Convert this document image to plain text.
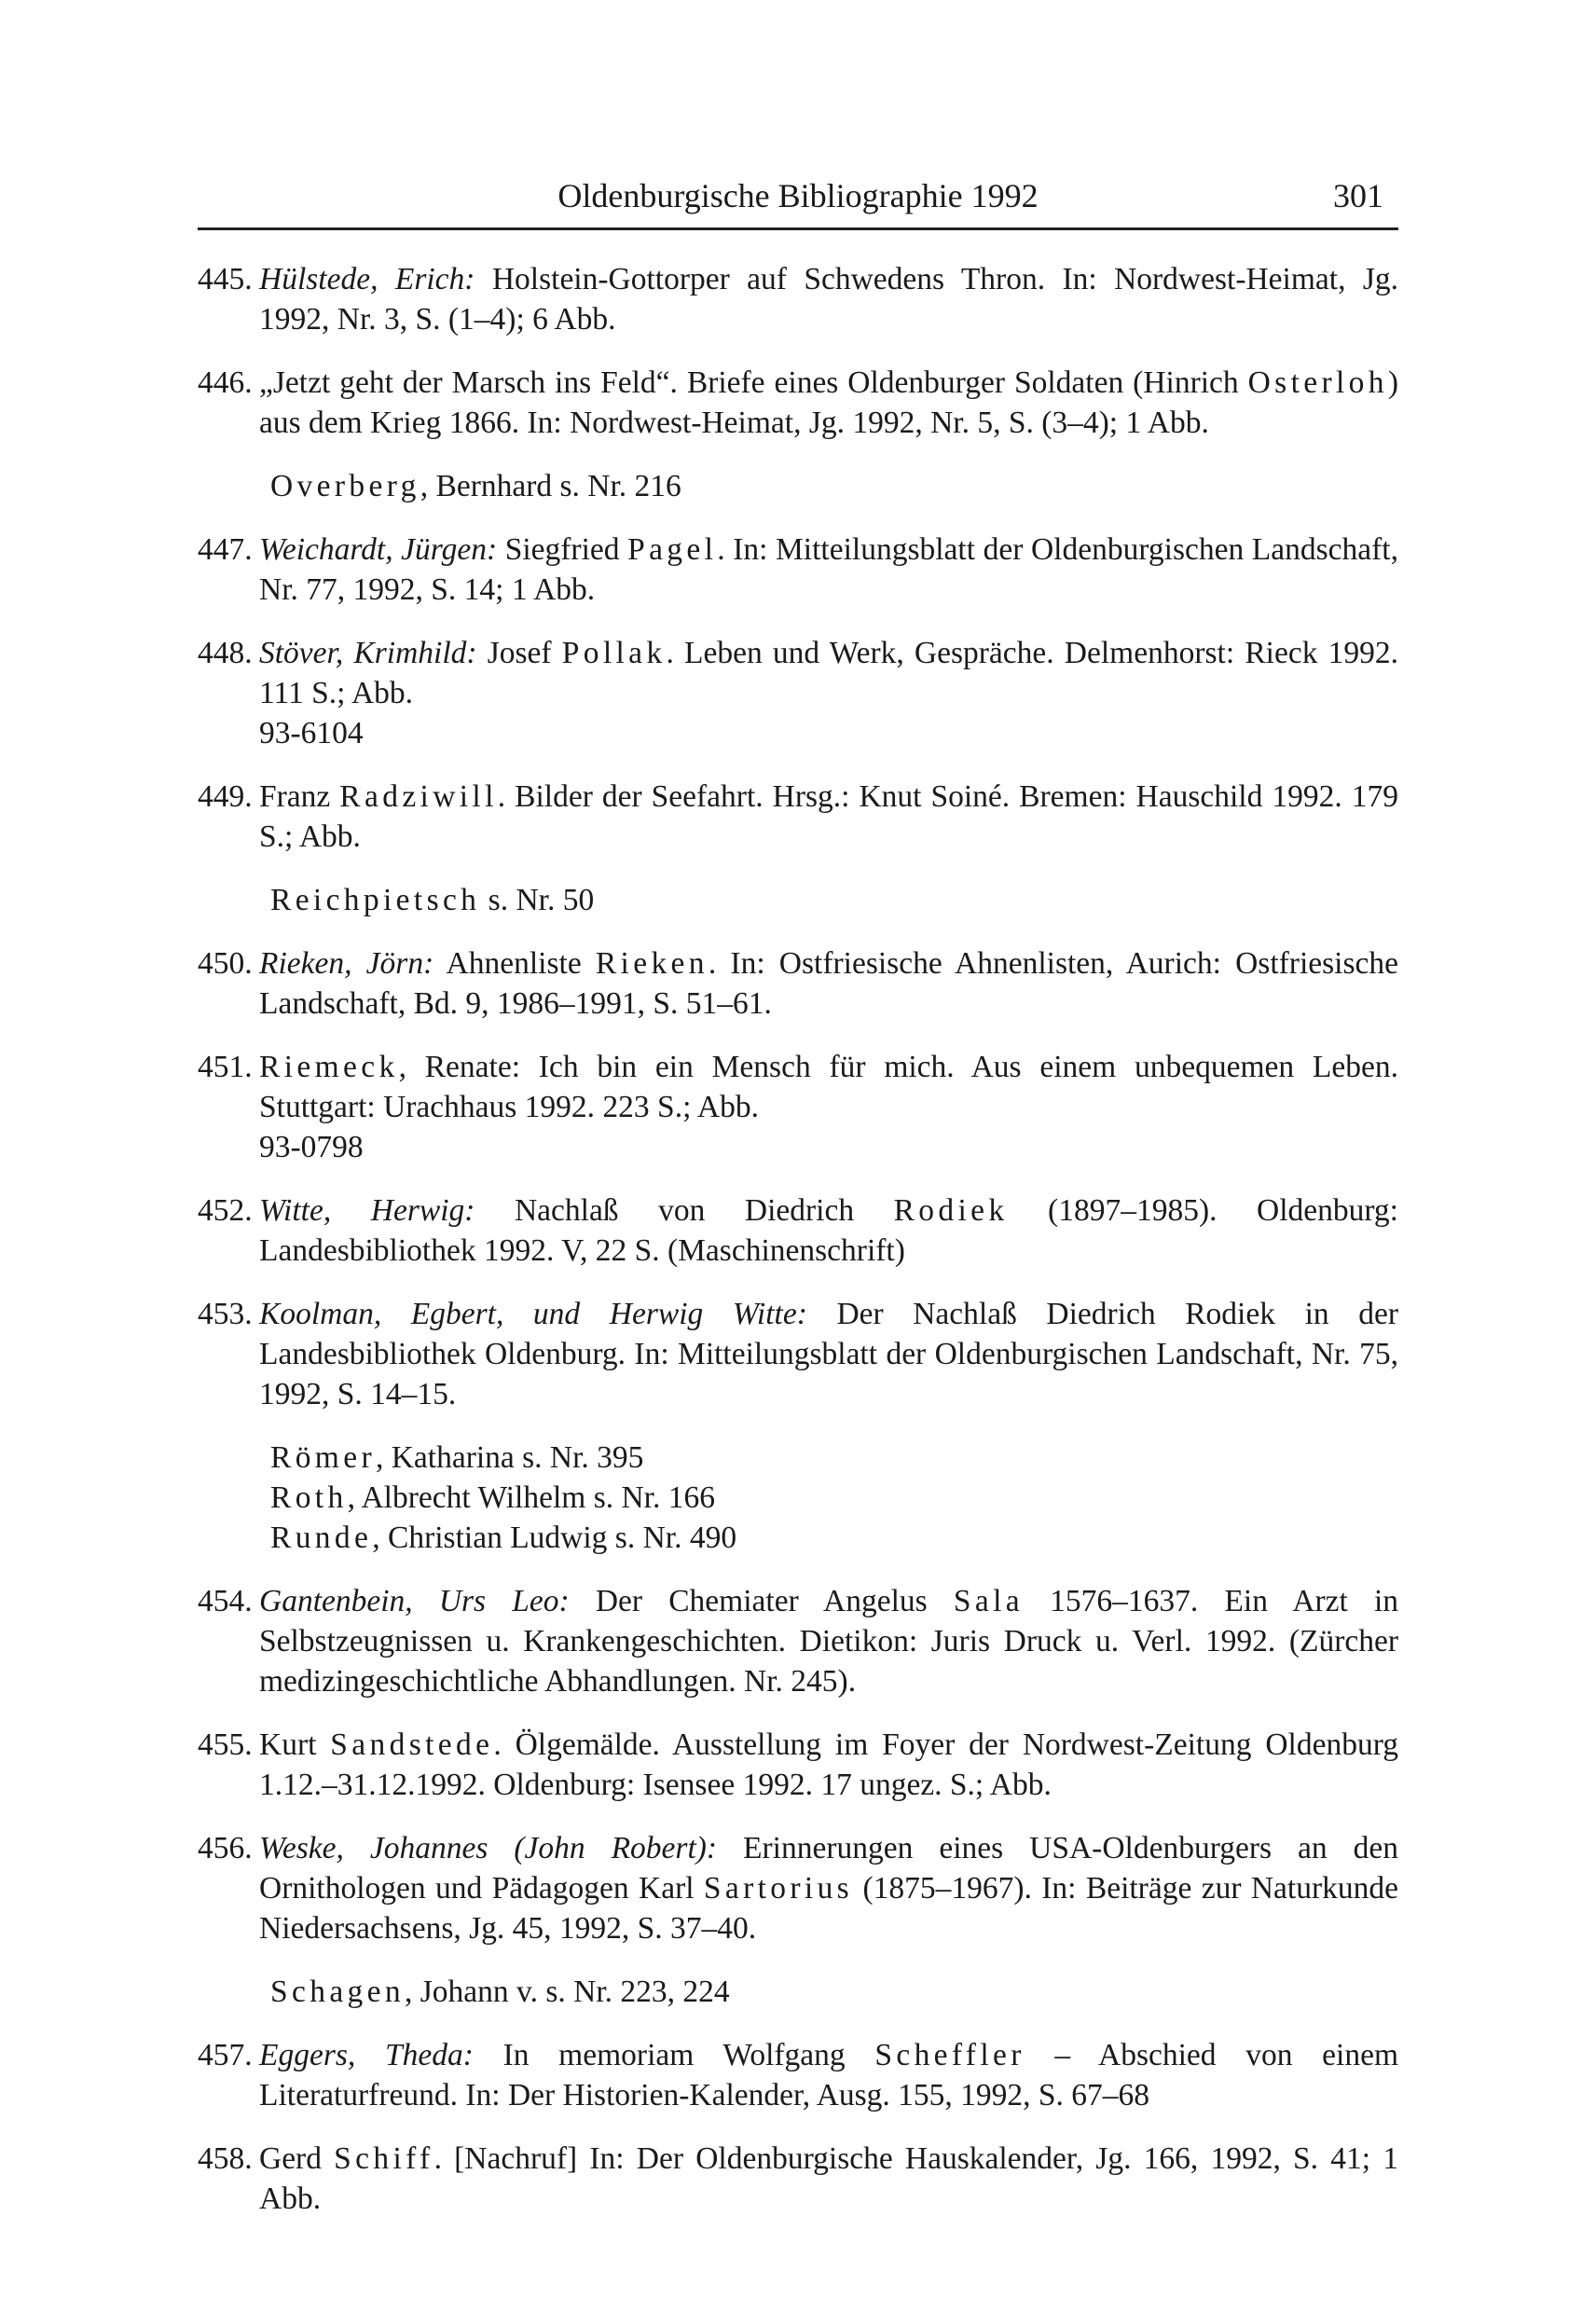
Oldenburgische Bibliographie 1992	301
445. Hülstede, Erich: Holstein-Gottorper auf Schwedens Thron. In: Nordwest-Heimat, Jg. 1992, Nr. 3, S. (1–4); 6 Abb.
446. „Jetzt geht der Marsch ins Feld“. Briefe eines Oldenburger Soldaten (Hinrich Osterloh) aus dem Krieg 1866. In: Nordwest-Heimat, Jg. 1992, Nr. 5, S. (3–4); 1 Abb.
Overberg, Bernhard s. Nr. 216
447. Weichardt, Jürgen: Siegfried Pagel. In: Mitteilungsblatt der Oldenburgischen Landschaft, Nr. 77, 1992, S. 14; 1 Abb.
448. Stöver, Krimhild: Josef Pollak. Leben und Werk, Gespräche. Delmenhorst: Rieck 1992. 111 S.; Abb.
93-6104
449. Franz Radziwill. Bilder der Seefahrt. Hrsg.: Knut Soiné. Bremen: Hauschild 1992. 179 S.; Abb.
Reichpietsch s. Nr. 50
450. Rieken, Jörn: Ahnenliste Rieken. In: Ostfriesische Ahnenlisten, Aurich: Ostfriesische Landschaft, Bd. 9, 1986–1991, S. 51–61.
451. Riemeck, Renate: Ich bin ein Mensch für mich. Aus einem unbequemen Leben. Stuttgart: Urachhaus 1992. 223 S.; Abb.
93-0798
452. Witte, Herwig: Nachlaß von Diedrich Rodiek (1897–1985). Oldenburg: Landesbibliothek 1992. V, 22 S. (Maschinenschrift)
453. Koolman, Egbert, und Herwig Witte: Der Nachlaß Diedrich Rodiek in der Landesbibliothek Oldenburg. In: Mitteilungsblatt der Oldenburgischen Landschaft, Nr. 75, 1992, S. 14–15.
Römer, Katharina s. Nr. 395
Roth, Albrecht Wilhelm s. Nr. 166
Runde, Christian Ludwig s. Nr. 490
454. Gantenbein, Urs Leo: Der Chemiater Angelus Sala 1576–1637. Ein Arzt in Selbstzeugnissen u. Krankengeschichten. Dietikon: Juris Druck u. Verl. 1992. (Zürcher medizingeschichtliche Abhandlungen. Nr. 245).
455. Kurt Sandstede. Ölgemälde. Ausstellung im Foyer der Nordwest-Zeitung Oldenburg 1.12.–31.12.1992. Oldenburg: Isensee 1992. 17 ungez. S.; Abb.
456. Weske, Johannes (John Robert): Erinnerungen eines USA-Oldenburgers an den Ornithologen und Pädagogen Karl Sartorius (1875–1967). In: Beiträge zur Naturkunde Niedersachsens, Jg. 45, 1992, S. 37–40.
Schagen, Johann v. s. Nr. 223, 224
457. Eggers, Theda: In memoriam Wolfgang Scheffler – Abschied von einem Literaturfreund. In: Der Historien-Kalender, Ausg. 155, 1992, S. 67–68
458. Gerd Schiff. [Nachruf] In: Der Oldenburgische Hauskalender, Jg. 166, 1992, S. 41; 1 Abb.
